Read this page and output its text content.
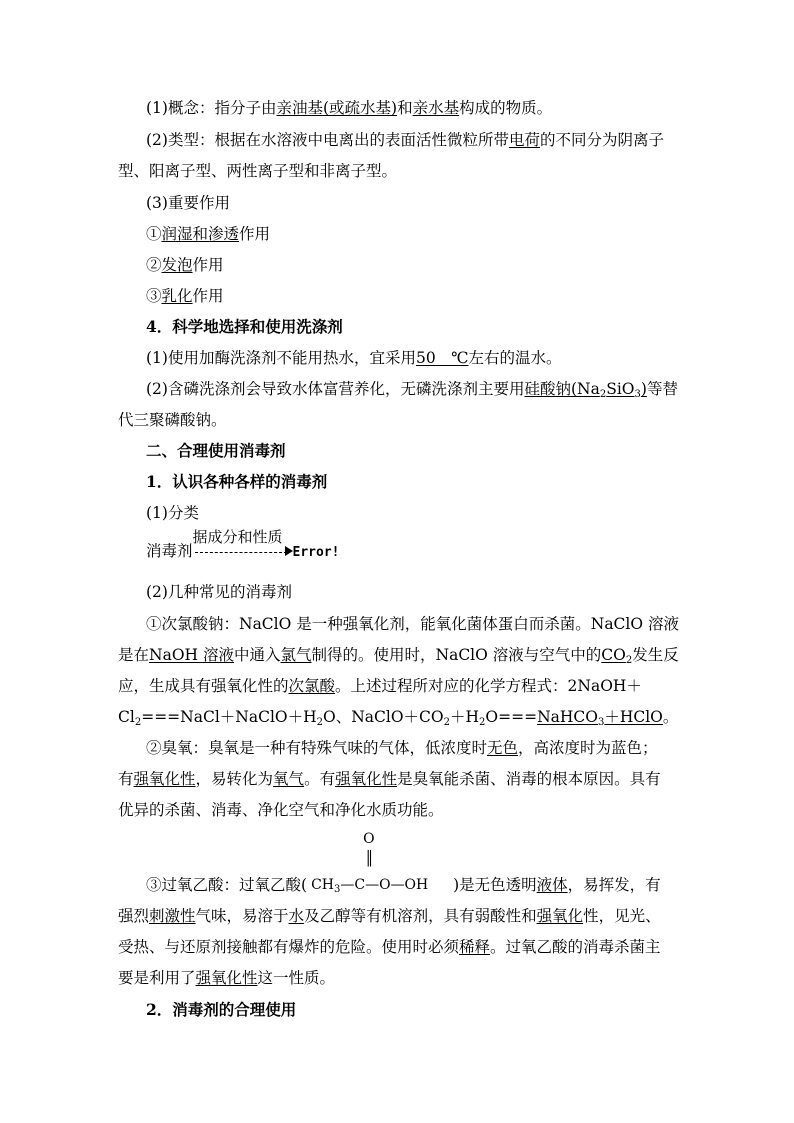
(1)概念：指分子由亲油基(或疏水基)和亲水基构成的物质。
(2)类型：根据在水溶液中电离出的表面活性微粒所带电荷的不同分为阴离子
型、阳离子型、两性离子型和非离子型。
(3)重要作用
①润湿和渗透作用
②发泡作用
③乳化作用
4．科学地选择和使用洗涤剂
(1)使用加酶洗涤剂不能用热水，宜采用50　℃左右的温水。
(2)含磷洗涤剂会导致水体富营养化，无磷洗涤剂主要用硅酸钠$(Na_2SiO_3)$等替
代三聚磷酸钠。
二、合理使用消毒剂
1．认识各种各样的消毒剂
(1)分类
消毒剂
据成分和性质
Error!
(2)几种常见的消毒剂
①次氯酸钠：NaClO 是一种强氧化剂，能氧化菌体蛋白而杀菌。NaClO 溶液
是在NaOH 溶液中通入氯气制得的。使用时，NaClO 溶液与空气中的$CO_2$发生反
应，生成具有强氧化性的次氯酸。上述过程所对应的化学方程式：2NaOH＋
$Cl_2===NaCl+NaClO+H_2O$、$NaClO+CO_2+H_2O===NaHCO_3+HClO$。
②臭氧：臭氧是一种有特殊气味的气体，低浓度时无色，高浓度时为蓝色；
有强氧化性，易转化为氧气。有强氧化性是臭氧能杀菌、消毒的根本原因。具有
优异的杀菌、消毒、净化空气和净化水质功能。
③过氧乙酸：过氧乙酸(
O
║
$CH_3—C—O—OH$ )是无色透明液体，易挥发，有
强烈刺激性气味，易溶于水及乙醇等有机溶剂，具有弱酸性和强氧化性，见光、
受热、与还原剂接触都有爆炸的危险。使用时必须稀释。过氧乙酸的消毒杀菌主
要是利用了强氧化性这一性质。
2．消毒剂的合理使用
